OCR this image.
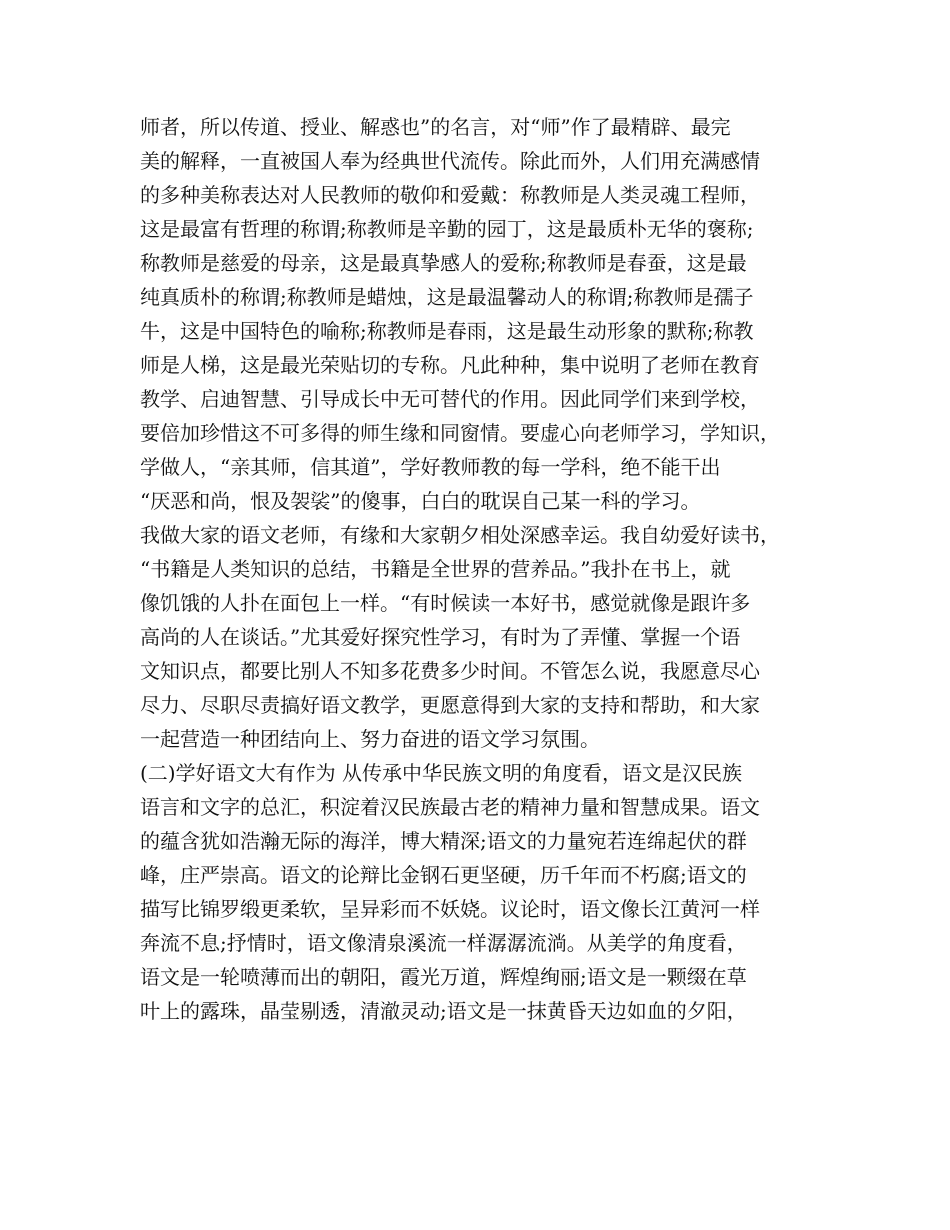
师者，所以传道、授业、解惑也”的名言，对“师”作了最精辟、最完
美的解释，一直被国人奉为经典世代流传。除此而外，人们用充满感情
的多种美称表达对人民教师的敬仰和爱戴：称教师是人类灵魂工程师，
这是最富有哲理的称谓;称教师是辛勤的园丁，这是最质朴无华的褒称;
称教师是慈爱的母亲，这是最真挚感人的爱称;称教师是春蚕，这是最
纯真质朴的称谓;称教师是蜡烛，这是最温馨动人的称谓;称教师是孺子
牛，这是中国特色的喻称;称教师是春雨，这是最生动形象的默称;称教
师是人梯，这是最光荣贴切的专称。凡此种种，集中说明了老师在教育
教学、启迪智慧、引导成长中无可替代的作用。因此同学们来到学校，
要倍加珍惜这不可多得的师生缘和同窗情。要虚心向老师学习，学知识，
学做人，“亲其师，信其道”，学好教师教的每一学科，绝不能干出
“厌恶和尚，恨及袈裟”的傻事，白白的耽误自己某一科的学习。
我做大家的语文老师，有缘和大家朝夕相处深感幸运。我自幼爱好读书，
“书籍是人类知识的总结，书籍是全世界的营养品。”我扑在书上，就
像饥饿的人扑在面包上一样。“有时候读一本好书，感觉就像是跟许多
高尚的人在谈话。”尤其爱好探究性学习，有时为了弄懂、掌握一个语
文知识点，都要比别人不知多花费多少时间。不管怎么说，我愿意尽心
尽力、尽职尽责搞好语文教学，更愿意得到大家的支持和帮助，和大家
一起营造一种团结向上、努力奋进的语文学习氛围。
(二)学好语文大有作为 从传承中华民族文明的角度看，语文是汉民族
语言和文字的总汇，积淀着汉民族最古老的精神力量和智慧成果。语文
的蕴含犹如浩瀚无际的海洋，博大精深;语文的力量宛若连绵起伏的群
峰，庄严崇高。语文的论辩比金钢石更坚硬，历千年而不朽腐;语文的
描写比锦罗缎更柔软，呈异彩而不妖娆。议论时，语文像长江黄河一样
奔流不息;抒情时，语文像清泉溪流一样潺潺流淌。从美学的角度看，
语文是一轮喷薄而出的朝阳，霞光万道，辉煌绚丽;语文是一颗缀在草
叶上的露珠，晶莹剔透，清澈灵动;语文是一抹黄昏天边如血的夕阳，
